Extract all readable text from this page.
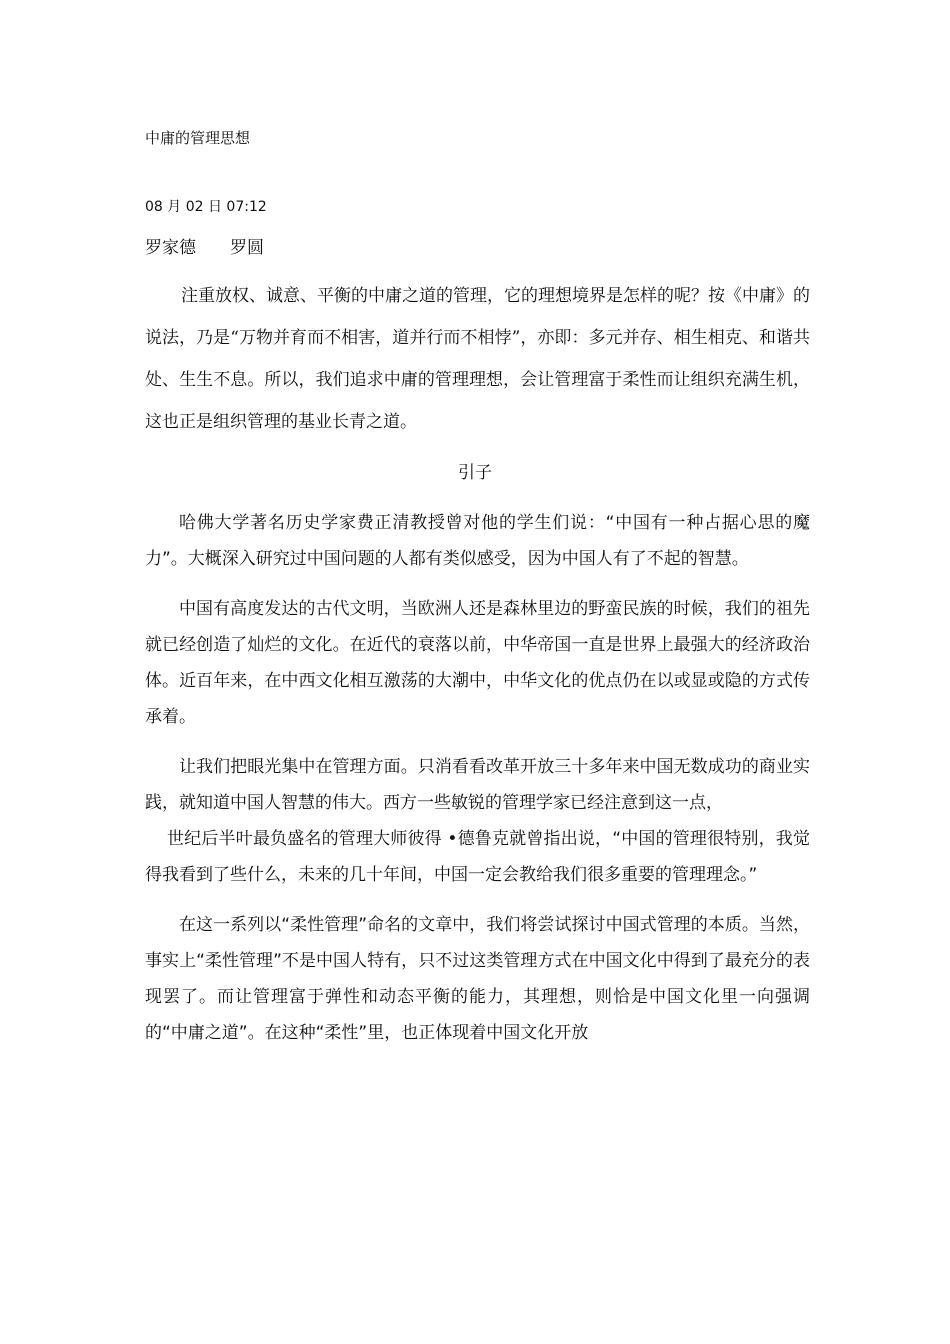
中庸的管理思想
08 月 02 日 07:12
罗家德 罗圆

注重放权、诚意、平衡的中庸之道的管理，它的理想境界是怎样的呢？按《中庸》的说法，乃是“万物并育而不相害，道并行而不相悖”，亦即：多元并存、相生相克、和谐共处、生生不息。所以，我们追求中庸的管理理想，会让管理富于柔性而让组织充满生机，这也正是组织管理的基业长青之道。

引子

哈佛大学著名历史学家费正清教授曾对他的学生们说：“中国有一种占据心思的魔力”。大概深入研究过中国问题的人都有类似感受，因为中国人有了不起的智慧。

中国有高度发达的古代文明，当欧洲人还是森林里边的野蛮民族的时候，我们的祖先就已经创造了灿烂的文化。在近代的衰落以前，中华帝国一直是世界上最强大的经济政治体。近百年来，在中西文化相互激荡的大潮中，中华文化的优点仍在以或显或隐的方式传承着。

让我们把眼光集中在管理方面。只消看看改革开放三十多年来中国无数成功的商业实践，就知道中国人智慧的伟大。西方一些敏锐的管理学家已经注意到这一点，

世纪后半叶最负盛名的管理大师彼得 •德鲁克就曾指出说，“中国的管理很特别，我觉得我看到了些什么，未来的几十年间，中国一定会教给我们很多重要的管理理念。”

在这一系列以“柔性管理”命名的文章中，我们将尝试探讨中国式管理的本质。当然，事实上“柔性管理”不是中国人特有，只不过这类管理方式在中国文化中得到了最充分的表现罢了。而让管理富于弹性和动态平衡的能力，其理想，则恰是中国文化里一向强调的“中庸之道”。在这种“柔性”里，也正体现着中国文化开放
